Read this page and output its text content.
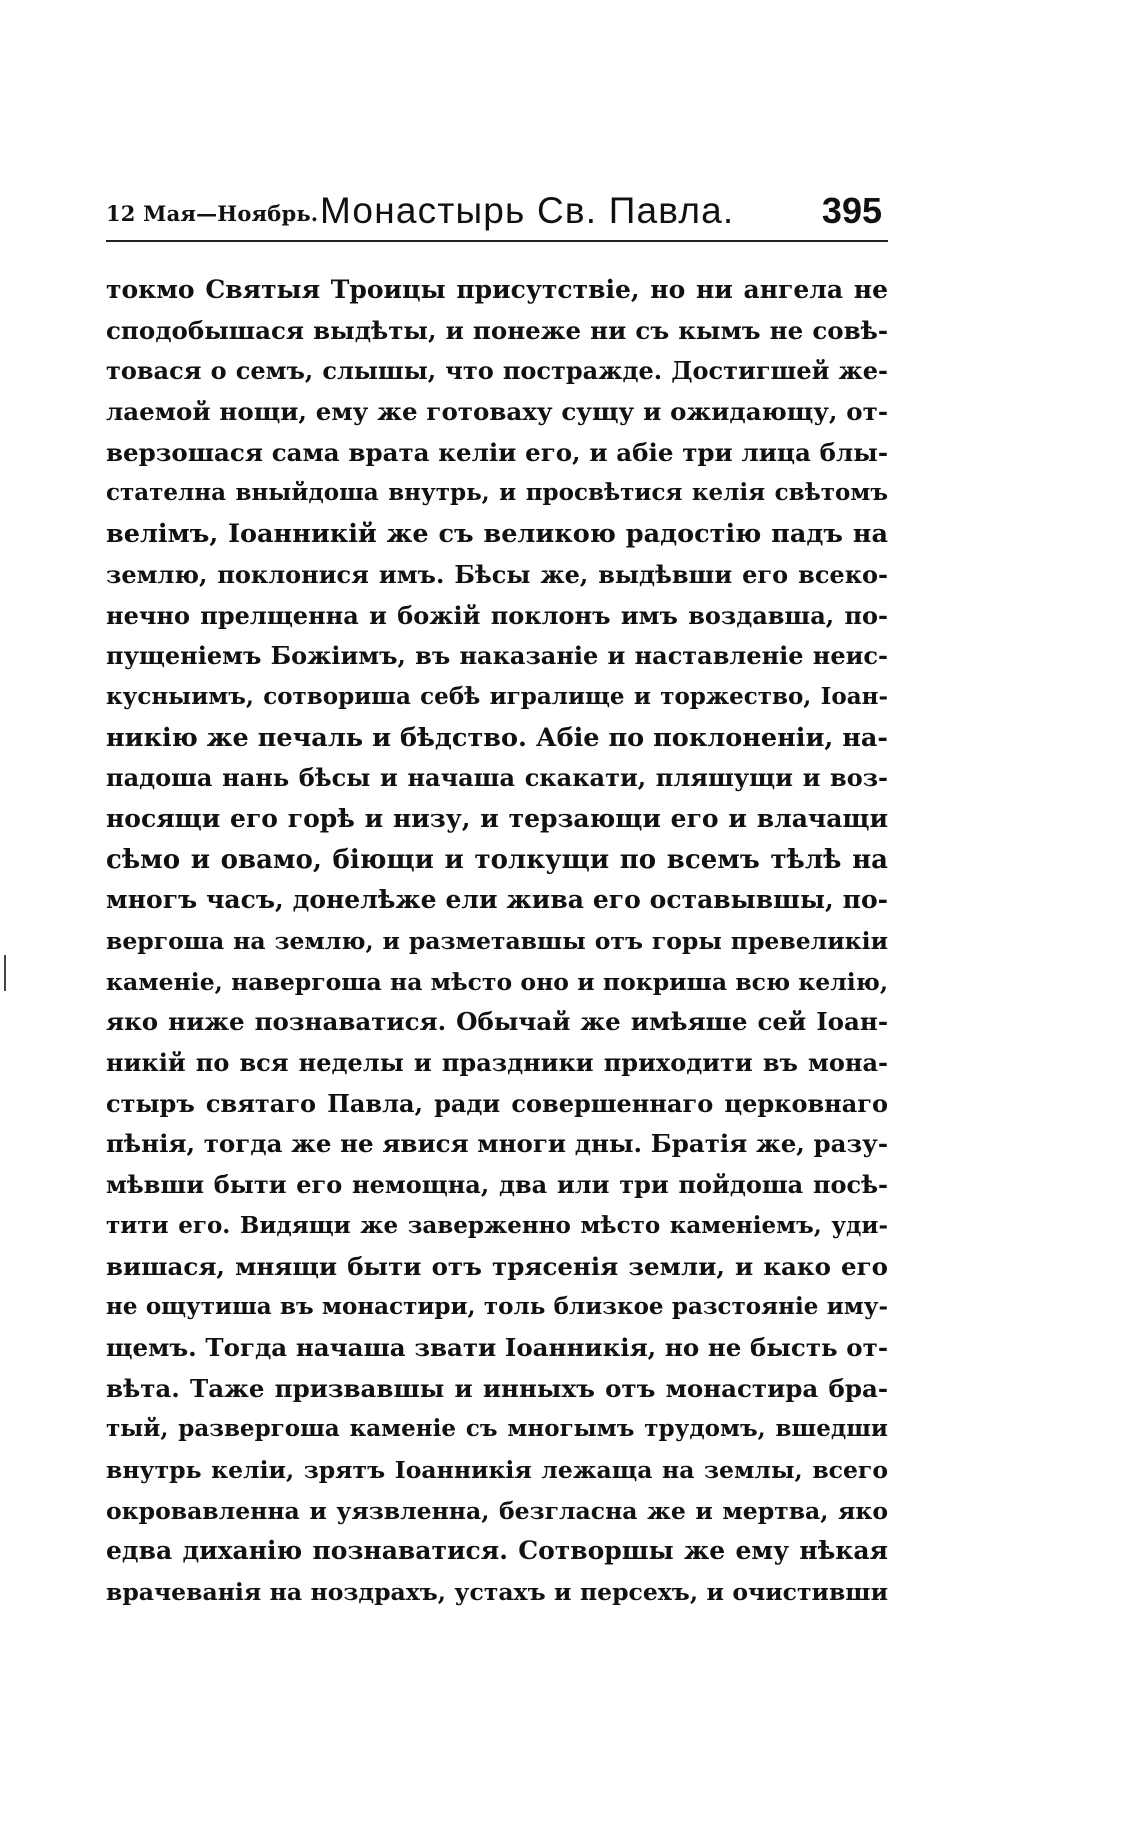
12 Мая—Ноябрь. Монастырь Св. Павла. 395
токмо Святыя Троицы присутствіе, но ни ангела не
сподобышася выдѣты, и понеже ни съ кымъ не совѣ-
товася о семъ, слышы, что постражде. Достигшей же-
лаемой нощи, ему же готоваху сущу и ожидающу, от-
верзошася сама врата келіи его, и абіе три лица блы-
стателна вныйдоша внутрь, и просвѣтися келія свѣтомъ
велімъ, Іоанникій же съ великою радостію падъ на
землю, поклонися имъ. Бѣсы же, выдѣвши его всеко-
нечно прелщенна и божій поклонъ имъ воздавша, по-
пущеніемъ Божіимъ, въ наказаніе и наставленіе неис-
кусныимъ, сотвориша себѣ игралище и торжество, Іоан-
никію же печаль и бѣдство. Абіе по поклоненіи, на-
падоша нань бѣсы и начаша скакати, пляшущи и воз-
носящи его горѣ и низу, и терзающи его и влачащи
сѣмо и овамо, біющи и толкущи по всемъ тѣлѣ на
многъ часъ, донелѣже ели жива его оставывшы, по-
вергоша на землю, и разметавшы отъ горы превеликіи
каменіе, навергоша на мѣсто оно и покриша всю келію,
яко ниже познаватися. Обычай же имѣяше сей Іоан-
никій по вся неделы и праздники приходити въ мона-
стыръ святаго Павла, ради совершеннаго церковнаго
пѣнія, тогда же не явися многи дны. Братія же, разу-
мѣвши быти его немощна, два или три пойдоша посѣ-
тити его. Видящи же заверженно мѣсто каменіемъ, уди-
вишася, мнящи быти отъ трясенія земли, и како его
не ощутиша въ монастири, толь близкое разстояніе иму-
щемъ. Тогда начаша звати Іоанникія, но не бысть от-
вѣта. Таже призвавшы и инныхъ отъ монастира бра-
тый, развергоша каменіе съ многымъ трудомъ, вшедши
внутрь келіи, зрятъ Іоанникія лежаща на землы, всего
окровавленна и уязвленна, безгласна же и мертва, яко
едва диханію познаватися. Сотворшы же ему нѣкая
врачеванія на ноздрахъ, устахъ и персехъ, и очистивши
